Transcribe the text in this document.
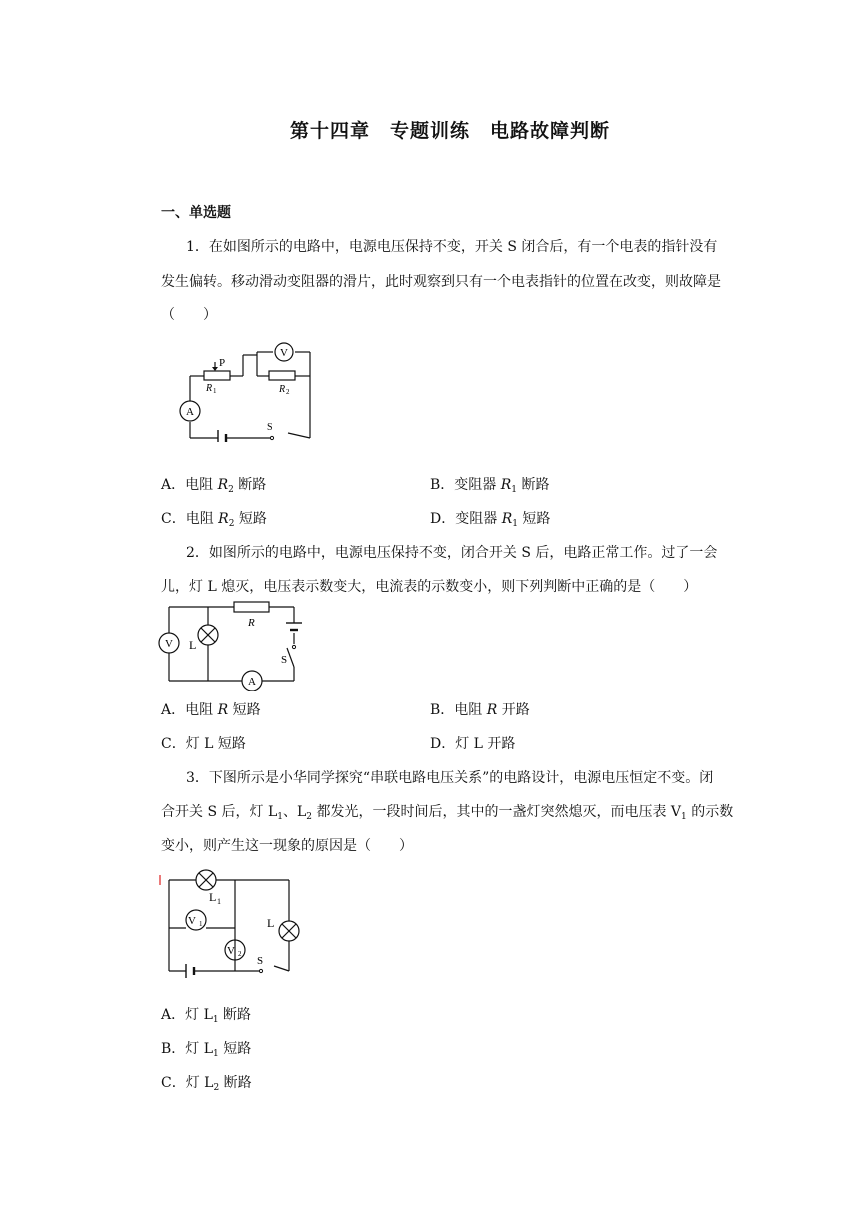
第十四章　专题训练　电路故障判断
一、单选题
1．在如图所示的电路中，电源电压保持不变，开关 S 闭合后，有一个电表的指针没有
发生偏转。移动滑动变阻器的滑片，此时观察到只有一个电表指针的位置在改变，则故障是
（　　）
V
A
P
R 1	R 2
S
A．电阻 $R_2$ 断路	B．变阻器 $R_1$ 断路
C．电阻 $R_2$ 短路	D．变阻器 $R_1$ 短路
2．如图所示的电路中，电源电压保持不变，闭合开关 S 后，电路正常工作。过了一会
儿，灯 L 熄灭，电压表示数变大，电流表的示数变小，则下列判断中正确的是（　　）
V L
R
S
A
A．电阻 R 短路	B．电阻 R 开路
C．灯 L 短路	D．灯 L 开路
3．下图所示是小华同学探究“串联电路电压关系”的电路设计，电源电压恒定不变。闭
合开关 S 后，灯 $L_1$、$L_2$ 都发光，一段时间后，其中的一盏灯突然熄灭，而电压表 $V_1$ 的示数
变小，则产生这一现象的原因是（　　）
L 1
V 1
V 2
L
S
A．灯 $L_1$ 断路
B．灯 $L_1$ 短路
C．灯 $L_2$ 断路
